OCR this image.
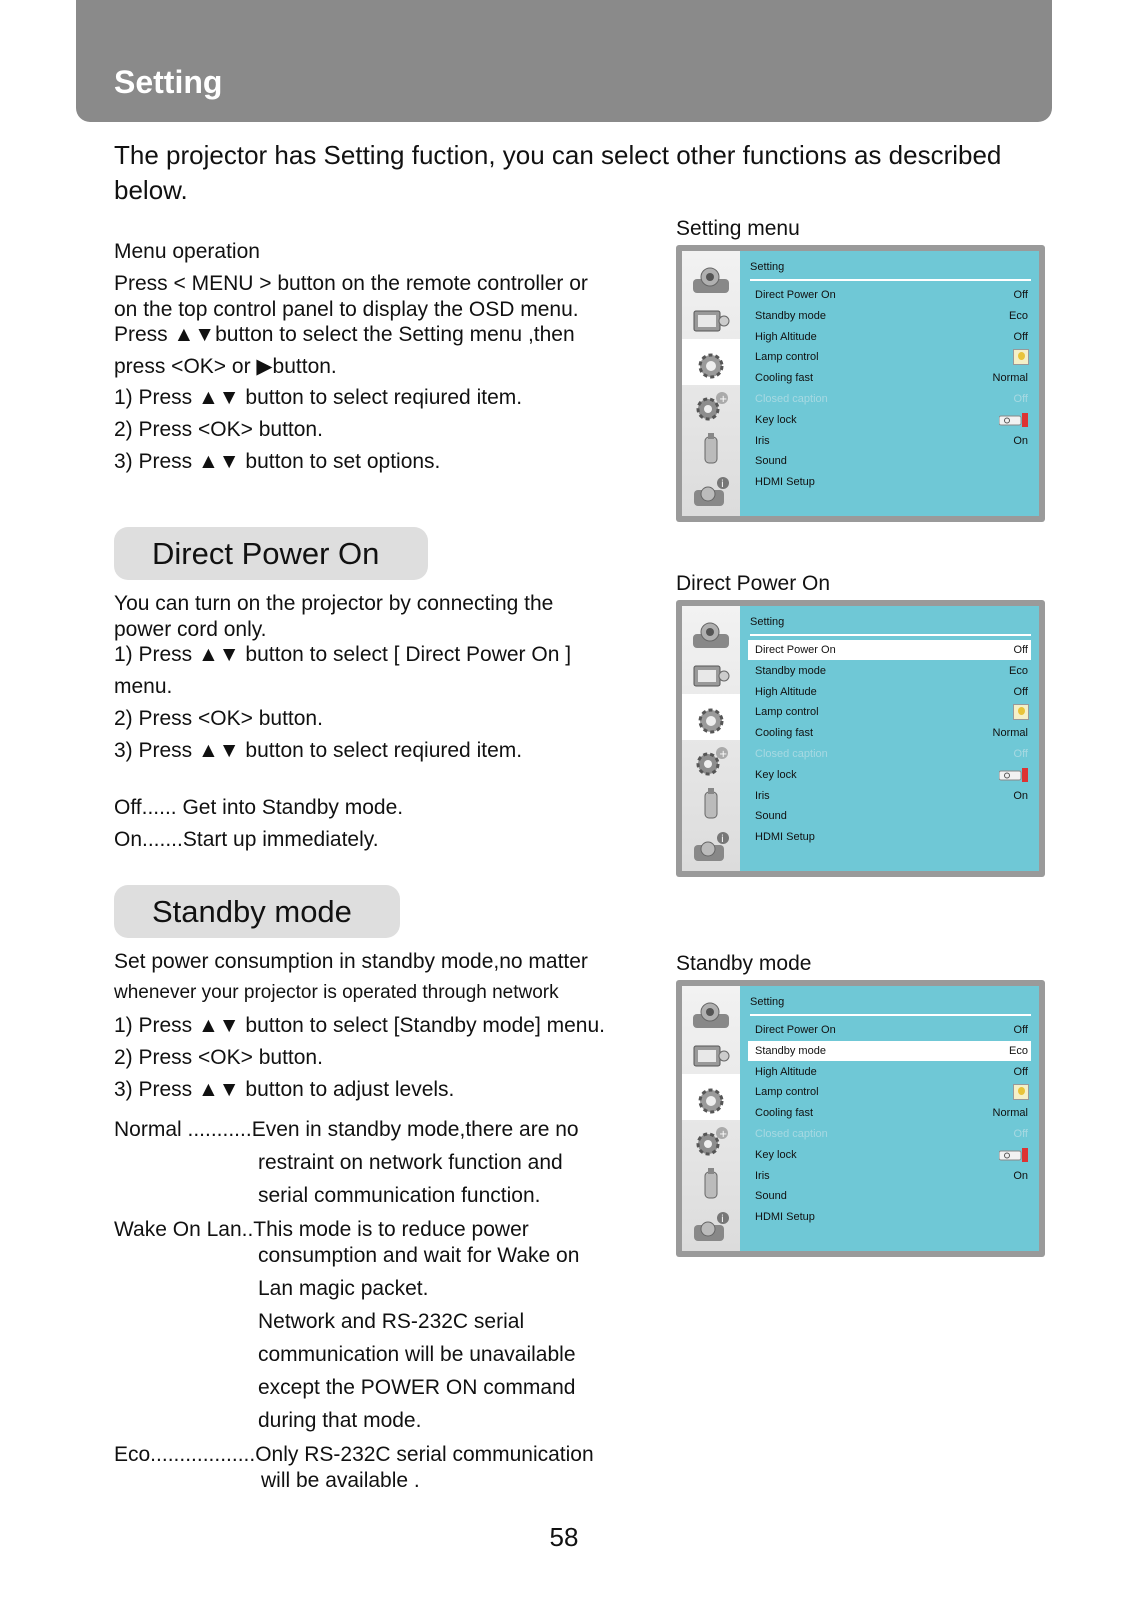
Setting
The projector has Setting fuction, you can select other functions as described below.
Menu operation
Press < MENU > button on the remote controller or
on the top control panel to display the OSD menu.
Press ▲▼button to select the Setting menu ,then
press <OK> or ▶button.
1) Press ▲▼ button to select reqiured item.
2) Press <OK> button.
3) Press ▲▼ button to set options.
Direct Power On
You can turn on the projector by connecting the
power cord only.
1) Press ▲▼ button to select [ Direct Power On ]
menu.
2) Press <OK> button.
3) Press ▲▼ button to select reqiured item.
Off...... Get into Standby mode.
On.......Start up immediately.
Standby mode
Set power consumption in standby mode,no matter
whenever your projector is operated through network
1) Press ▲▼ button to select [Standby mode] menu.
2) Press <OK> button.
3) Press ▲▼ button to adjust levels.
Normal ...........Even in standby mode,there are no
restraint on network function and
serial communication function.
Wake On Lan..This mode is to reduce power
consumption and wait for Wake on
Lan magic packet.
Network and RS-232C serial
communication will be unavailable
except the POWER ON command
during that mode.
Eco..................Only RS-232C serial communication
will be available .
Setting menu
Direct Power On
Standby mode
+
i
Setting
Direct Power On	Off
Standby mode	Eco
High Altitude	Off
Lamp control
Cooling fast	Normal
Closed caption	Off
Key lock
Iris	On
Sound
HDMI Setup
+
i
Setting
Direct Power On	Off
Standby mode	Eco
High Altitude	Off
Lamp control
Cooling fast	Normal
Closed caption	Off
Key lock
Iris	On
Sound
HDMI Setup
+
i
Setting
Direct Power On	Off
Standby mode	Eco
High Altitude	Off
Lamp control
Cooling fast	Normal
Closed caption	Off
Key lock
Iris	On
Sound
HDMI Setup
58
